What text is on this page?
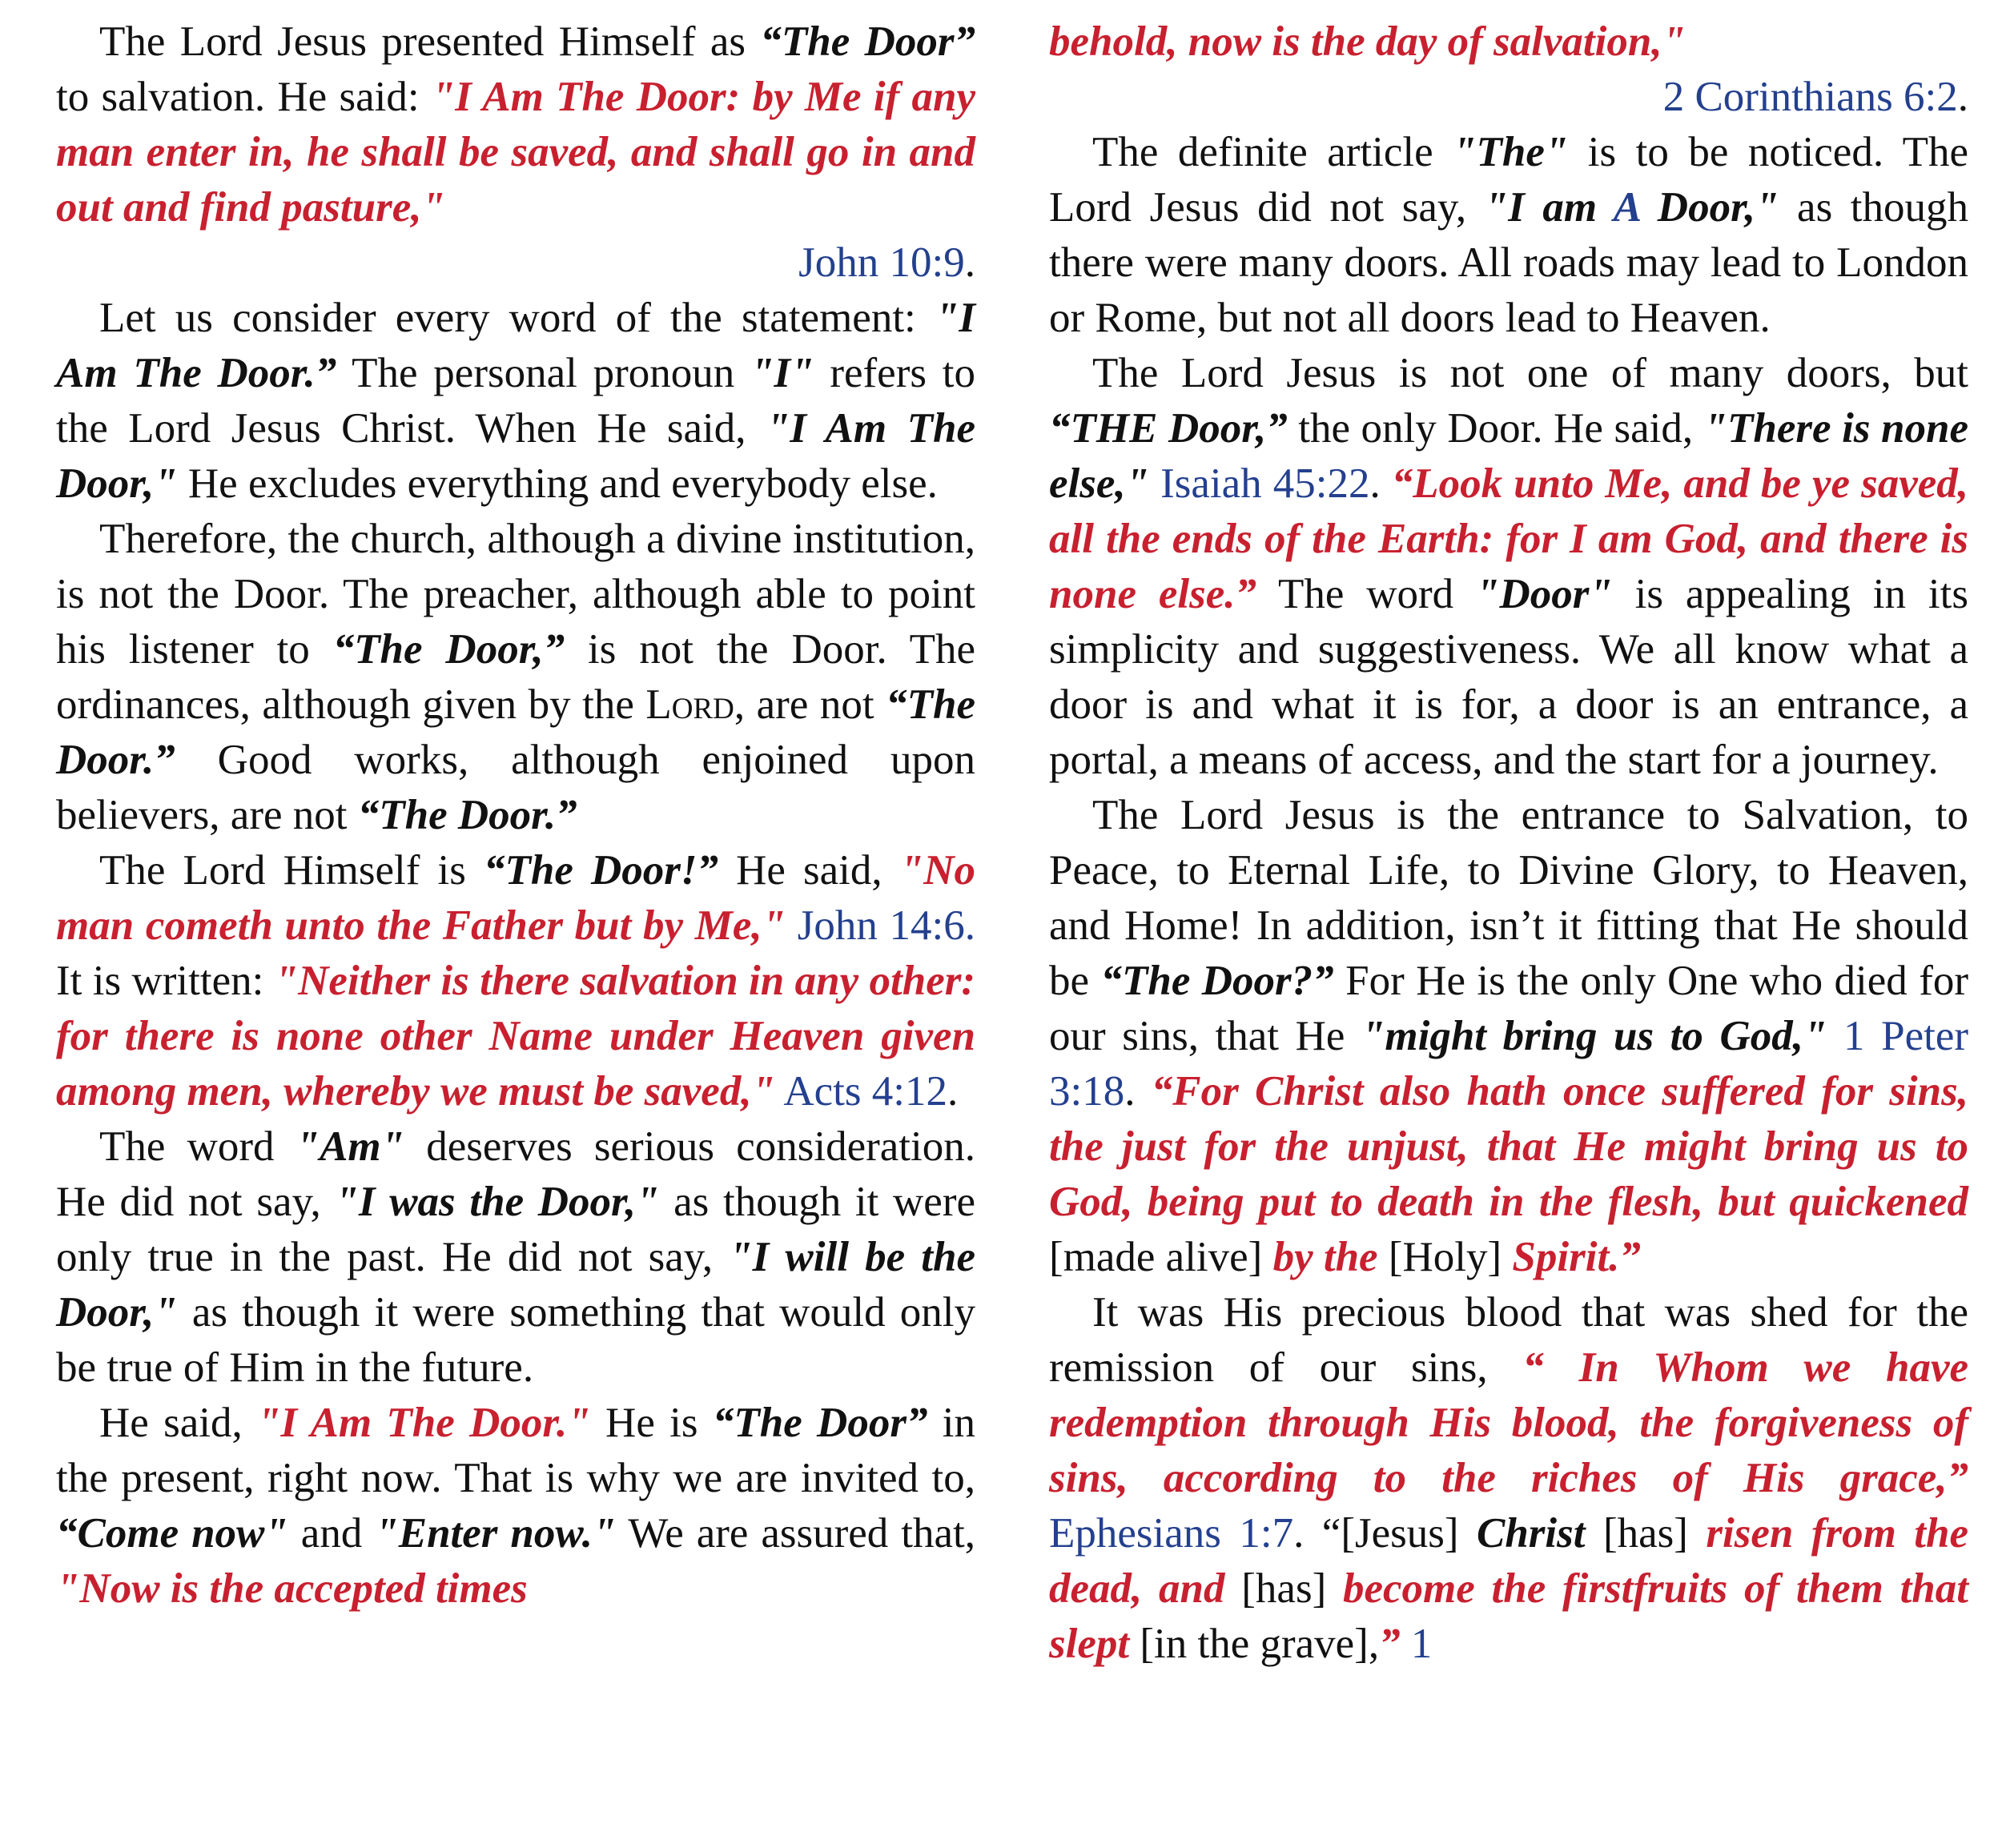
The Lord Jesus presented Himself as “The Door” to salvation. He said: "I Am The Door: by Me if any man enter in, he shall be saved, and shall go in and out and find pasture,"

John 10:9.

Let us consider every word of the statement: "I Am The Door.” The personal pronoun "I" refers to the Lord Jesus Christ. When He said, "I Am The Door," He excludes everything and everybody else.

Therefore, the church, although a divine institution, is not the Door. The preacher, although able to point his listener to “The Door,” is not the Door. The ordinances, although given by the Lord, are not “The Door.” Good works, although enjoined upon believers, are not “The Door.”

The Lord Himself is “The Door!” He said, "No man cometh unto the Father but by Me," John 14:6. It is written: "Neither is there salvation in any other: for there is none other Name under Heaven given among men, whereby we must be saved," Acts 4:12.

The word "Am" deserves serious consideration. He did not say, "I was the Door," as though it were only true in the past. He did not say, "I will be the Door," as though it were something that would only be true of Him in the future.

He said, "I Am The Door." He is “The Door” in the present, right now. That is why we are invited to, “Come now" and "Enter now." We are assured that, "Now is the accepted times

behold, now is the day of salvation,"

2 Corinthians 6:2.

The definite article "The" is to be noticed. The Lord Jesus did not say, "I am A Door," as though there were many doors. All roads may lead to London or Rome, but not all doors lead to Heaven.

The Lord Jesus is not one of many doors, but “THE Door,” the only Door. He said, "There is none else," Isaiah 45:22. “Look unto Me, and be ye saved, all the ends of the Earth: for I am God, and there is none else.” The word "Door" is appealing in its simplicity and suggestiveness. We all know what a door is and what it is for, a door is an entrance, a portal, a means of access, and the start for a journey.

The Lord Jesus is the entrance to Salvation, to Peace, to Eternal Life, to Divine Glory, to Heaven, and Home! In addition, isn’t it fitting that He should be “The Door?” For He is the only One who died for our sins, that He "might bring us to God," 1 Peter 3:18. “For Christ also hath once suffered for sins, the just for the unjust, that He might bring us to God, being put to death in the flesh, but quickened [made alive] by the [Holy] Spirit.”

It was His precious blood that was shed for the remission of our sins, “ In Whom we have redemption through His blood, the forgiveness of sins, according to the riches of His grace,” Ephesians 1:7. “[Jesus] Christ [has] risen from the dead, and [has] become the firstfruits of them that slept [in the grave],” 1
